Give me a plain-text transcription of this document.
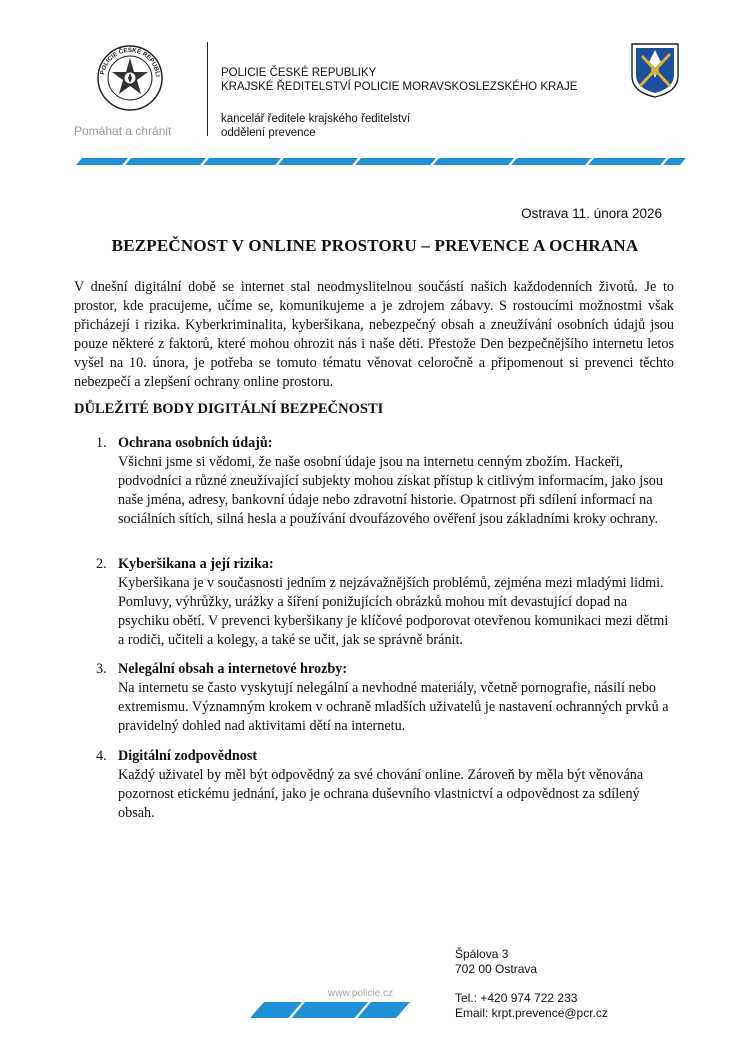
POLICIE ČESKÉ REPUBLI
Pomáhat a chránit
POLICIE ČESKÉ REPUBLIKY
KRAJSKÉ ŘEDITELSTVÍ POLICIE MORAVSKOSLEZSKÉHO KRAJE
kancelář ředitele krajského ředitelství
oddělení prevence
Ostrava 11. února 2026
BEZPEČNOST V ONLINE PROSTORU – PREVENCE A OCHRANA
V dnešní digitální době se internet stal neodmyslitelnou součástí našich každodenních životů. Je to prostor, kde pracujeme, učíme se, komunikujeme a je zdrojem zábavy. S rostoucími možnostmi však přicházejí i rizika. Kyberkriminalita, kyberšikana, nebezpečný obsah a zneužívání osobních údajů jsou pouze některé z faktorů, které mohou ohrozit nás i naše děti. Přestože Den bezpečnějšího internetu letos vyšel na 10. února, je potřeba se tomuto tématu věnovat celoročně a připomenout si prevenci těchto nebezpečí a zlepšení ochrany online prostoru.
DŮLEŽITÉ BODY DIGITÁLNÍ BEZPEČNOSTI
1. Ochrana osobních údajů:
Všichni jsme si vědomi, že naše osobní údaje jsou na internetu cenným zbožím. Hackeři, podvodníci a různé zneužívající subjekty mohou získat přístup k citlivým informacím, jako jsou naše jména, adresy, bankovní údaje nebo zdravotní historie. Opatrnost při sdílení informací na sociálních sítích, silná hesla a používání dvoufázového ověření jsou základními kroky ochrany.
2. Kyberšikana a její rizika:
Kyberšikana je v současnosti jedním z nejzávažnějších problémů, zejména mezi mladými lidmi. Pomluvy, výhrůžky, urážky a šíření ponižujících obrázků mohou mít devastující dopad na psychiku obětí. V prevenci kyberšikany je klíčové podporovat otevřenou komunikaci mezi dětmi a rodiči, učiteli a kolegy, a také se učit, jak se správně bránit.
3. Nelegální obsah a internetové hrozby:
Na internetu se často vyskytují nelegální a nevhodné materiály, včetně pornografie, násilí nebo extremismu. Významným krokem v ochraně mladších uživatelů je nastavení ochranných prvků a pravidelný dohled nad aktivitami dětí na internetu.
4. Digitální zodpovědnost
Každý uživatel by měl být odpovědný za své chování online. Zároveň by měla být věnována pozornost etickému jednání, jako je ochrana duševního vlastnictví a odpovědnost za sdílený obsah.
www.policie.cz
Špálova 3
702 00 Ostrava
Tel.: +420 974 722 233
Email: krpt.prevence@pcr.cz
